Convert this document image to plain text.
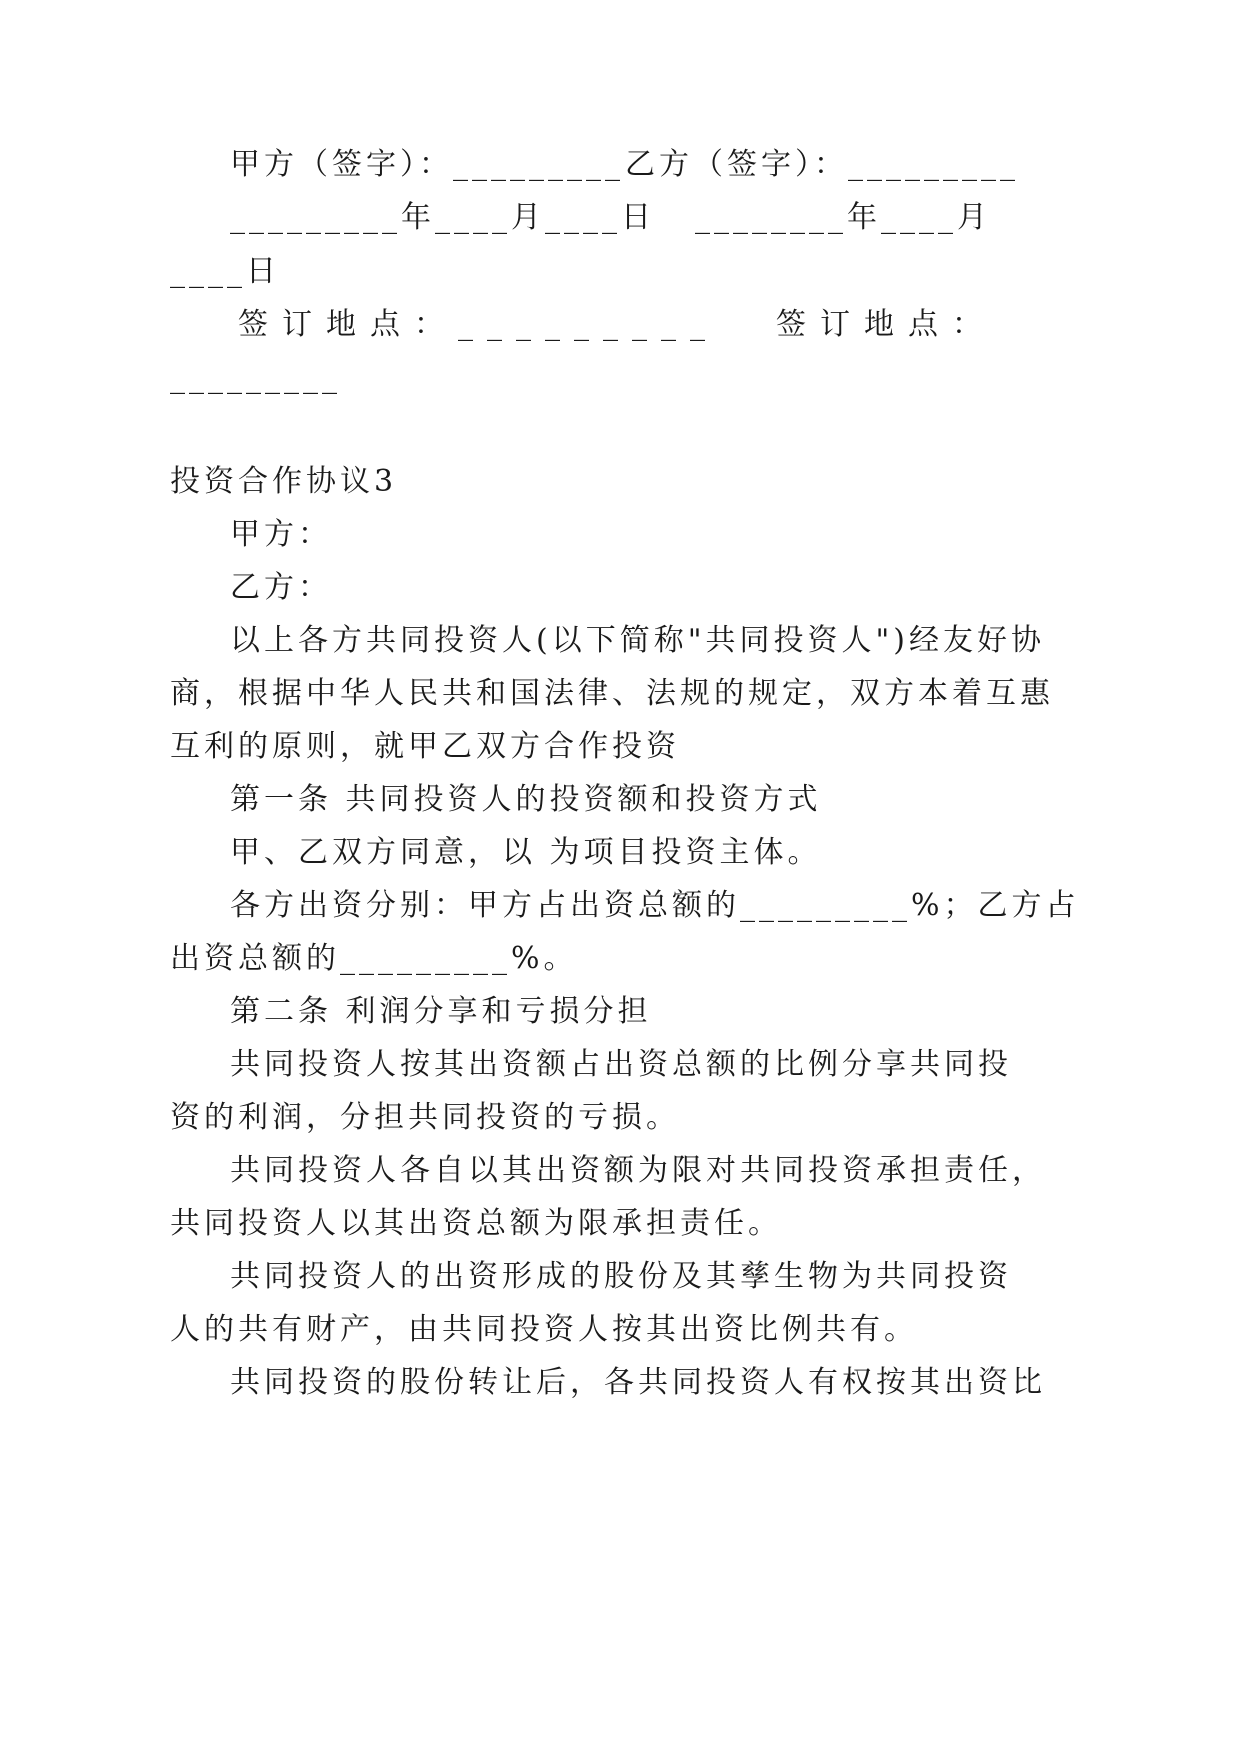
甲方（签字）：_________ 乙方（签字）：_________
_________年____月____日 ________年____月
____日
签订地点：_________ 签订地点：
_________
投资合作协议3
甲方：
乙方：
以上各方共同投资人(以下简称"共同投资人")经友好协
商，根据中华人民共和国法律、法规的规定，双方本着互惠
互利的原则，就甲乙双方合作投资
第一条 共同投资人的投资额和投资方式
甲、乙双方同意，以 为项目投资主体。
各方出资分别：甲方占出资总额的_________%；乙方占
出资总额的_________%。
第二条 利润分享和亏损分担
共同投资人按其出资额占出资总额的比例分享共同投
资的利润，分担共同投资的亏损。
共同投资人各自以其出资额为限对共同投资承担责任，
共同投资人以其出资总额为限承担责任。
共同投资人的出资形成的股份及其孳生物为共同投资
人的共有财产，由共同投资人按其出资比例共有。
共同投资的股份转让后，各共同投资人有权按其出资比
